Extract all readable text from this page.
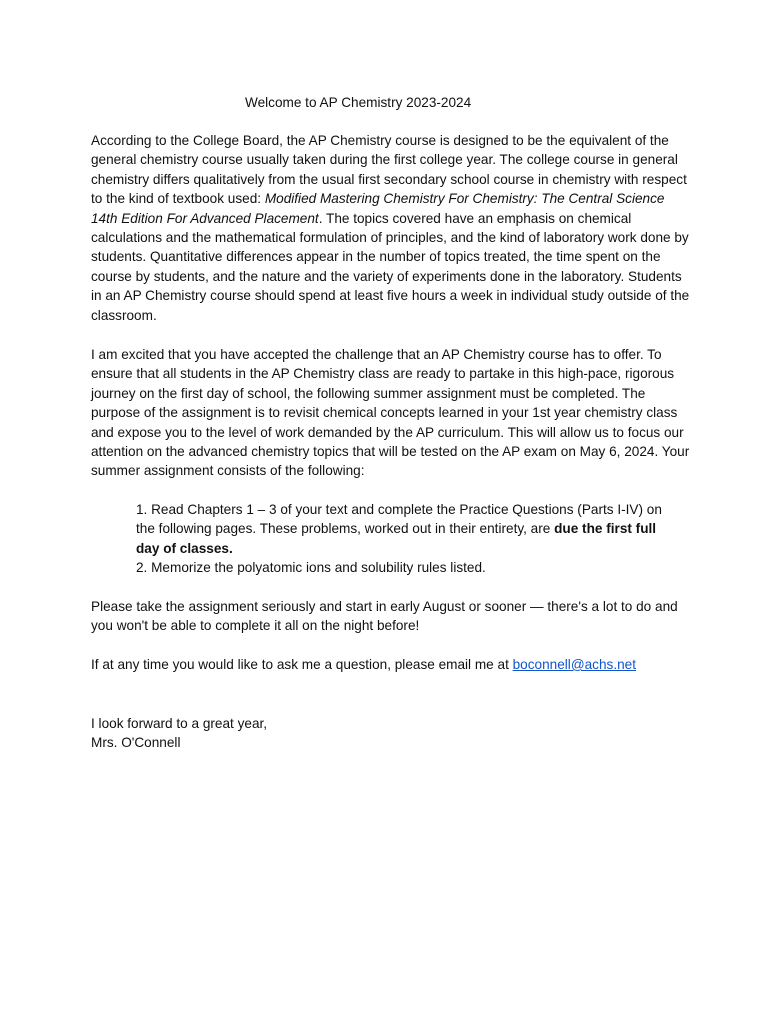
Welcome to AP Chemistry 2023-2024

According to the College Board, the AP Chemistry course is designed to be the equivalent of the general chemistry course usually taken during the first college year. The college course in general chemistry differs qualitatively from the usual first secondary school course in chemistry with respect to the kind of textbook used: Modified Mastering Chemistry For Chemistry: The Central Science 14th Edition For Advanced Placement. The topics covered have an emphasis on chemical calculations and the mathematical formulation of principles, and the kind of laboratory work done by students. Quantitative differences appear in the number of topics treated, the time spent on the course by students, and the nature and the variety of experiments done in the laboratory. Students in an AP Chemistry course should spend at least five hours a week in individual study outside of the classroom.

I am excited that you have accepted the challenge that an AP Chemistry course has to offer. To ensure that all students in the AP Chemistry class are ready to partake in this high-pace, rigorous journey on the first day of school, the following summer assignment must be completed. The purpose of the assignment is to revisit chemical concepts learned in your 1st year chemistry class and expose you to the level of work demanded by the AP curriculum. This will allow us to focus our attention on the advanced chemistry topics that will be tested on the AP exam on May 6, 2024. Your summer assignment consists of the following:

1. Read Chapters 1 – 3 of your text and complete the Practice Questions (Parts I-IV) on the following pages. These problems, worked out in their entirety, are due the first full day of classes.

2. Memorize the polyatomic ions and solubility rules listed.

Please take the assignment seriously and start in early August or sooner — there's a lot to do and you won't be able to complete it all on the night before!

If at any time you would like to ask me a question, please email me at boconnell@achs.net

I look forward to a great year,

Mrs. O'Connell
